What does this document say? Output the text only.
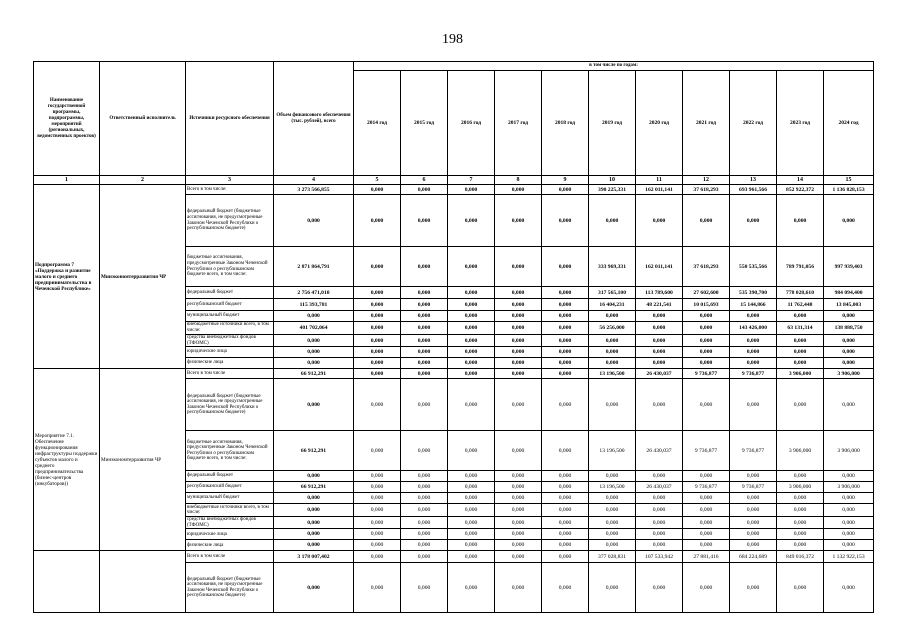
198
Наименование государственной программы, подпрограммы, мероприятий (региональных, ведомственных проектов)	Ответственный исполнитель	Источники ресурсного обеспечения	Объем финансового обеспечения (тыс. рублей), всего	в том числе по годам:										
				2014 год	2015 год	2016 год	2017 год	2018 год	2019 год	2020 год	2021 год	2022 год	2023 год	2024 год
1	2	3	4	5	6	7	8	9	10	11	12	13	14	15
Подпрограмма 7 «Поддержка и развитие малого и среднего предпринимательства в Чеченской Республике»	Минэкономтерразвития ЧР	Всего в том числе:	3 273 566,855	0,000	0,000	0,000	0,000	0,000	390 225,331	162 011,141	37 618,293	693 961,566	852 922,372	1 136 828,153
		федеральный бюджет (бюджетные ассигнования, не предусмотренные Законом Чеченской Республики о республиканском бюджете)	0,000	0,000	0,000	0,000	0,000	0,000	0,000	0,000	0,000	0,000	0,000	0,000
		бюджетные ассигнования, предусмотренные Законом Чеченской Республики о республиканском бюджете всего, в том числе:	2 871 864,791	0,000	0,000	0,000	0,000	0,000	333 969,331	162 011,141	37 618,293	550 535,566	789 791,056	997 939,403
		федеральный бюджет	2 756 471,010	0,000	0,000	0,000	0,000	0,000	317 565,100	113 789,600	27 602,600	535 390,700	778 028,610	984 094,400
		республиканский бюджет	115 393,781	0,000	0,000	0,000	0,000	0,000	16 404,231	48 221,541	10 015,693	15 144,866	11 762,448	13 845,003
		муниципальный бюджет	0,000	0,000	0,000	0,000	0,000	0,000	0,000	0,000	0,000	0,000	0,000	0,000
		внебюджетные источники всего, в том числе:	401 702,064	0,000	0,000	0,000	0,000	0,000	56 256,000	0,000	0,000	143 426,000	63 131,314	138 888,750
		средства внебюджетных фондов (ТФОМС)	0,000	0,000	0,000	0,000	0,000	0,000	0,000	0,000	0,000	0,000	0,000	0,000
		юридические лица	0,000	0,000	0,000	0,000	0,000	0,000	0,000	0,000	0,000	0,000	0,000	0,000
		физические лица	0,000	0,000	0,000	0,000	0,000	0,000	0,000	0,000	0,000	0,000	0,000	0,000
Мероприятие 7.1. Обеспечение функционирования инфраструктуры поддержки субъектов малого и среднего предпринимательства (бизнес-центров (инкубаторов))	Минэкономтерразвития ЧР	Всего в том числе	66 912,291	0,000	0,000	0,000	0,000	0,000	13 196,500	26 430,037	9 736,877	9 736,877	3 906,000	3 906,000
		федеральный бюджет (бюджетные ассигнования, не предусмотренные Законом Чеченской Республики о республиканском бюджете)	0,000	0,000	0,000	0,000	0,000	0,000	0,000	0,000	0,000	0,000	0,000	0,000
		бюджетные ассигнования, предусмотренные Законом Чеченской Республики о республиканском бюджете всего, в том числе:	66 912,291	0,000	0,000	0,000	0,000	0,000	13 196,500	26 430,037	9 736,877	9 736,877	3 906,000	3 906,000
		федеральный бюджет	0,000	0,000	0,000	0,000	0,000	0,000	0,000	0,000	0,000	0,000	0,000	0,000
		республиканский бюджет	66 912,291	0,000	0,000	0,000	0,000	0,000	13 196,500	26 430,037	9 736,877	9 736,877	3 906,000	3 906,000
		муниципальный бюджет	0,000	0,000	0,000	0,000	0,000	0,000	0,000	0,000	0,000	0,000	0,000	0,000
		внебюджетные источники всего, в том числе:	0,000	0,000	0,000	0,000	0,000	0,000	0,000	0,000	0,000	0,000	0,000	0,000
		средства внебюджетных фондов (ТФОМС)	0,000	0,000	0,000	0,000	0,000	0,000	0,000	0,000	0,000	0,000	0,000	0,000
		юридические лица	0,000	0,000	0,000	0,000	0,000	0,000	0,000	0,000	0,000	0,000	0,000	0,000
		физические лица	0,000	0,000	0,000	0,000	0,000	0,000	0,000	0,000	0,000	0,000	0,000	0,000
		Всего в том числе	3 178 007,402	0,000	0,000	0,000	0,000	0,000	377 028,831	107 533,942	27 881,416	684 224,689	849 016,372	1 132 922,153
		федеральный бюджет (бюджетные ассигнования, не предусмотренные Законом Чеченской Республики о республиканском бюджете)	0,000	0,000	0,000	0,000	0,000	0,000	0,000	0,000	0,000	0,000	0,000	0,000
